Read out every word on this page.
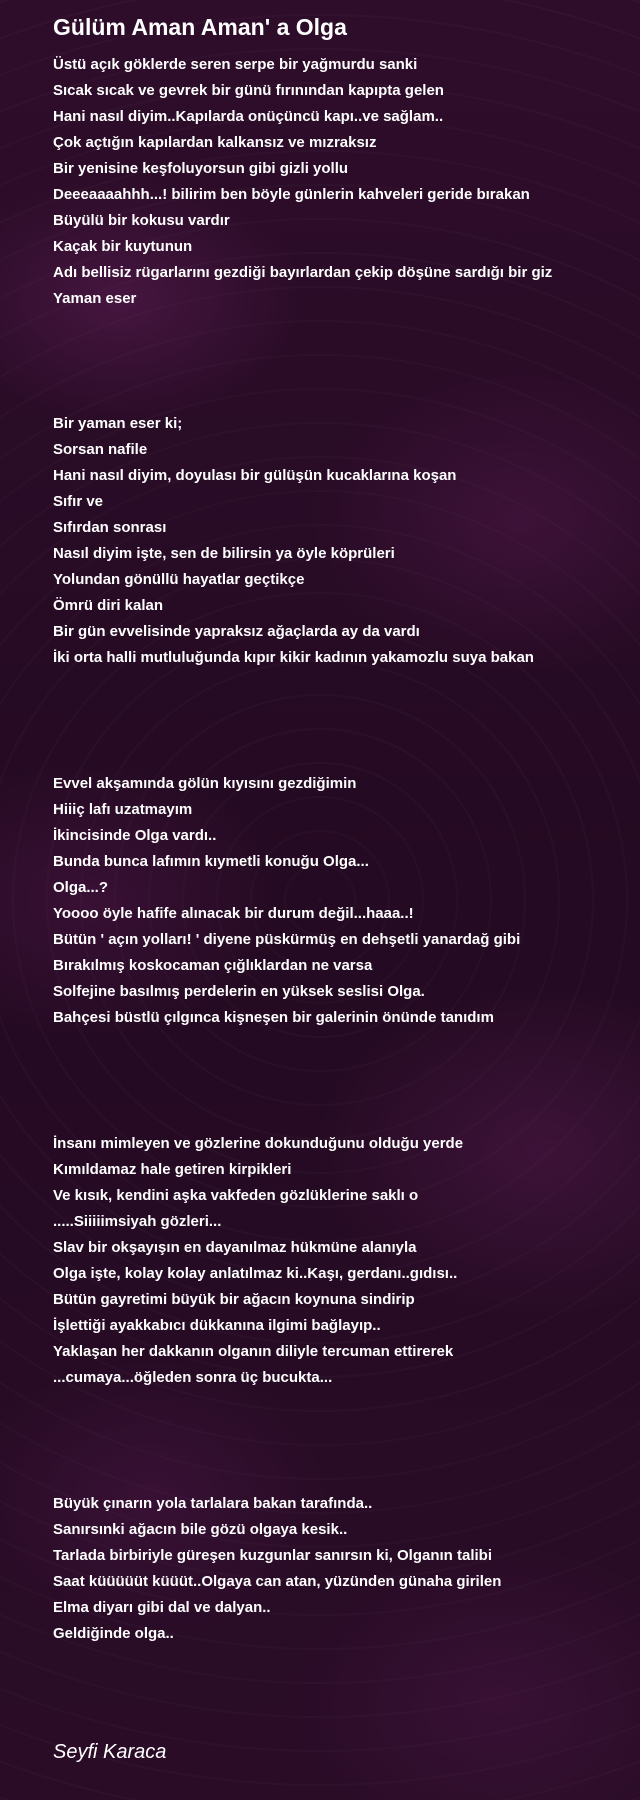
Gülüm Aman Aman' a Olga
Üstü açık göklerde seren serpe bir yağmurdu sanki
Sıcak sıcak ve gevrek bir günü fırınından kapıpta gelen
Hani nasıl diyim..Kapılarda onüçüncü kapı..ve sağlam..
Çok açtığın kapılardan kalkansız ve mızraksız
Bir yenisine keşfoluyorsun gibi gizli yollu
Deeeaaaahhh...! bilirim ben böyle günlerin kahveleri geride bırakan
Büyülü bir kokusu vardır
Kaçak bir kuytunun
Adı bellisiz rügarlarını gezdiği bayırlardan çekip döşüne sardığı bir giz
Yaman eser
Bir yaman eser ki;
Sorsan nafile
Hani nasıl diyim, doyulası bir gülüşün kucaklarına koşan
Sıfır ve
Sıfırdan sonrası
Nasıl diyim işte, sen de bilirsin ya öyle köprüleri
Yolundan gönüllü hayatlar geçtikçe
Ömrü diri kalan
Bir gün evvelisinde yapraksız ağaçlarda ay da vardı
İki orta halli mutluluğunda kıpır kikir kadının yakamozlu suya bakan
Evvel akşamında gölün kıyısını gezdiğimin
Hiiiç lafı uzatmayım
İkincisinde Olga vardı..
Bunda bunca lafımın kıymetli konuğu Olga...
Olga...?
Yoooo öyle hafife alınacak bir durum değil...haaa..!
Bütün ' açın yolları! ' diyene püskürmüş en dehşetli yanardağ gibi
Bırakılmış koskocaman çığlıklardan ne varsa
Solfejine basılmış perdelerin en yüksek seslisi Olga.
Bahçesi büstlü çılgınca kişneşen bir galerinin önünde tanıdım
İnsanı mimleyen ve gözlerine dokunduğunu olduğu yerde
Kımıldamaz hale getiren kirpikleri
Ve kısık, kendini aşka vakfeden gözlüklerine saklı o
.....Siiiiimsiyah gözleri...
Slav bir okşayışın en dayanılmaz hükmüne alanıyla
Olga işte, kolay kolay anlatılmaz ki..Kaşı, gerdanı..gıdısı..
Bütün gayretimi büyük bir ağacın koynuna sindirip
İşlettiği ayakkabıcı dükkanına ilgimi bağlayıp..
Yaklaşan her dakkanın olganın diliyle tercuman ettirerek
...cumaya...öğleden sonra üç bucukta...
Büyük çınarın yola tarlalara bakan tarafında..
Sanırsınki ağacın bile gözü olgaya kesik..
Tarlada birbiriyle güreşen kuzgunlar sanırsın ki, Olganın talibi
Saat küüüüüt küüüt..Olgaya can atan, yüzünden günaha girilen
Elma diyarı gibi dal ve dalyan..
Geldiğinde olga..

Seyfi Karaca
